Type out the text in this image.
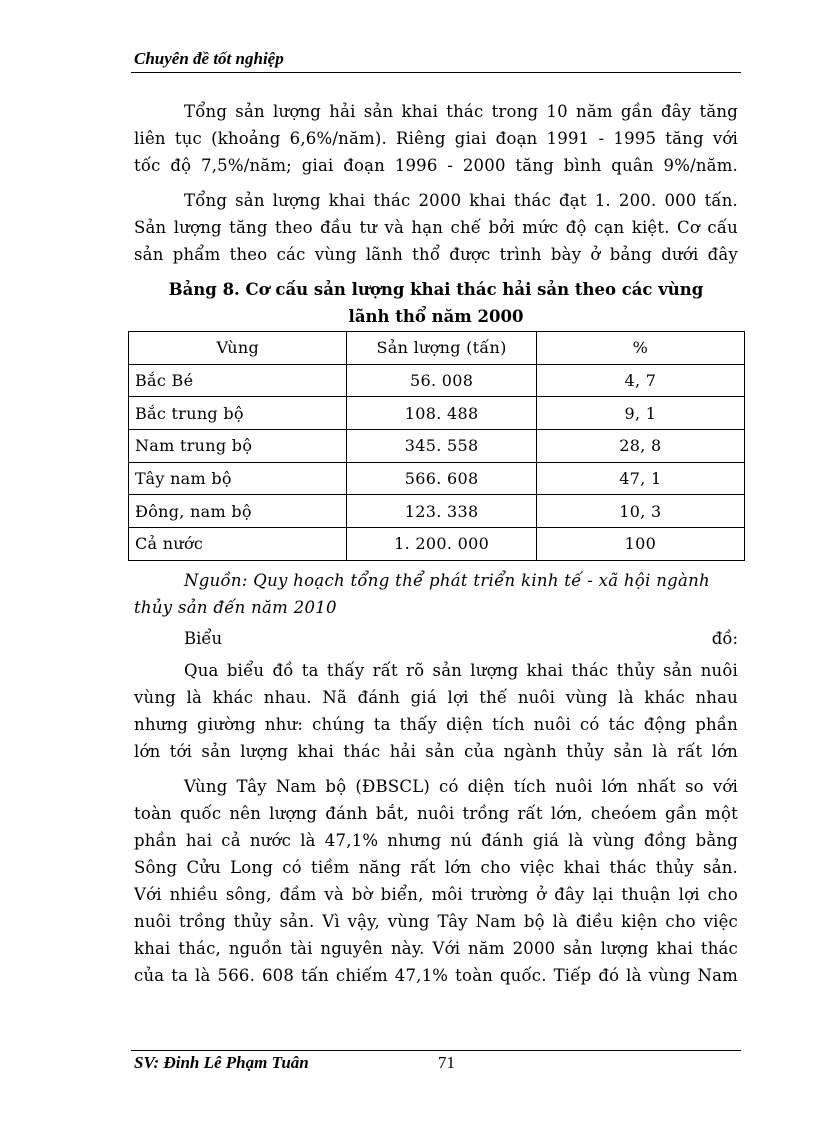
Chuyên đề tốt nghiệp
Tổng sản lượng hải sản khai thác trong 10 năm gần đây tăng
liên tục (khoảng 6,6%/năm). Riêng giai đoạn 1991 - 1995 tăng với
tốc độ 7,5%/năm; giai đoạn 1996 - 2000 tăng bình quân 9%/năm.
Tổng sản lượng khai thác 2000 khai thác đạt 1. 200. 000 tấn.
Sản lượng tăng theo đầu tư và hạn chế bởi mức độ cạn kiệt. Cơ cấu
sản phẩm theo các vùng lãnh thổ được trình bày ở bảng dưới đây
Bảng 8. Cơ cấu sản lượng khai thác hải sản theo các vùng
lãnh thổ năm 2000
Vùng	Sản lượng (tấn)	%
Bắc Bé	56. 008	4, 7
Bắc trung bộ	108. 488	9, 1
Nam trung bộ	345. 558	28, 8
Tây nam bộ	566. 608	47, 1
Đông, nam bộ	123. 338	10, 3
Cả nước	1. 200. 000	100
Nguồn: Quy hoạch tổng thể phát triển kinh tế - xã hội ngành
thủy sản đến năm 2010
Biểu	đồ:
Qua biểu đồ ta thấy rất rõ sản lượng khai thác thủy sản nuôi
vùng là khác nhau. Nã đánh giá lợi thế nuôi vùng là khác nhau
nhưng giường như: chúng ta thấy diện tích nuôi có tác động phần
lớn tới sản lượng khai thác hải sản của ngành thủy sản là rất lớn
Vùng Tây Nam bộ (ĐBSCL) có diện tích nuôi lớn nhất so với
toàn quốc nên lượng đánh bắt, nuôi trồng rất lớn, cheóem gần một
phần hai cả nước là 47,1% nhưng nú đánh giá là vùng đồng bằng
Sông Cửu Long có tiềm năng rất lớn cho việc khai thác thủy sản.
Với nhiều sông, đầm và bờ biển, môi trường ở đây lại thuận lợi cho
nuôi trồng thủy sản. Vì vậy, vùng Tây Nam bộ là điều kiện cho việc
khai thác, nguồn tài nguyên này. Với năm 2000 sản lượng khai thác
của ta là 566. 608 tấn chiếm 47,1% toàn quốc. Tiếp đó là vùng Nam
SV: Đinh Lê Phạm Tuân	71
